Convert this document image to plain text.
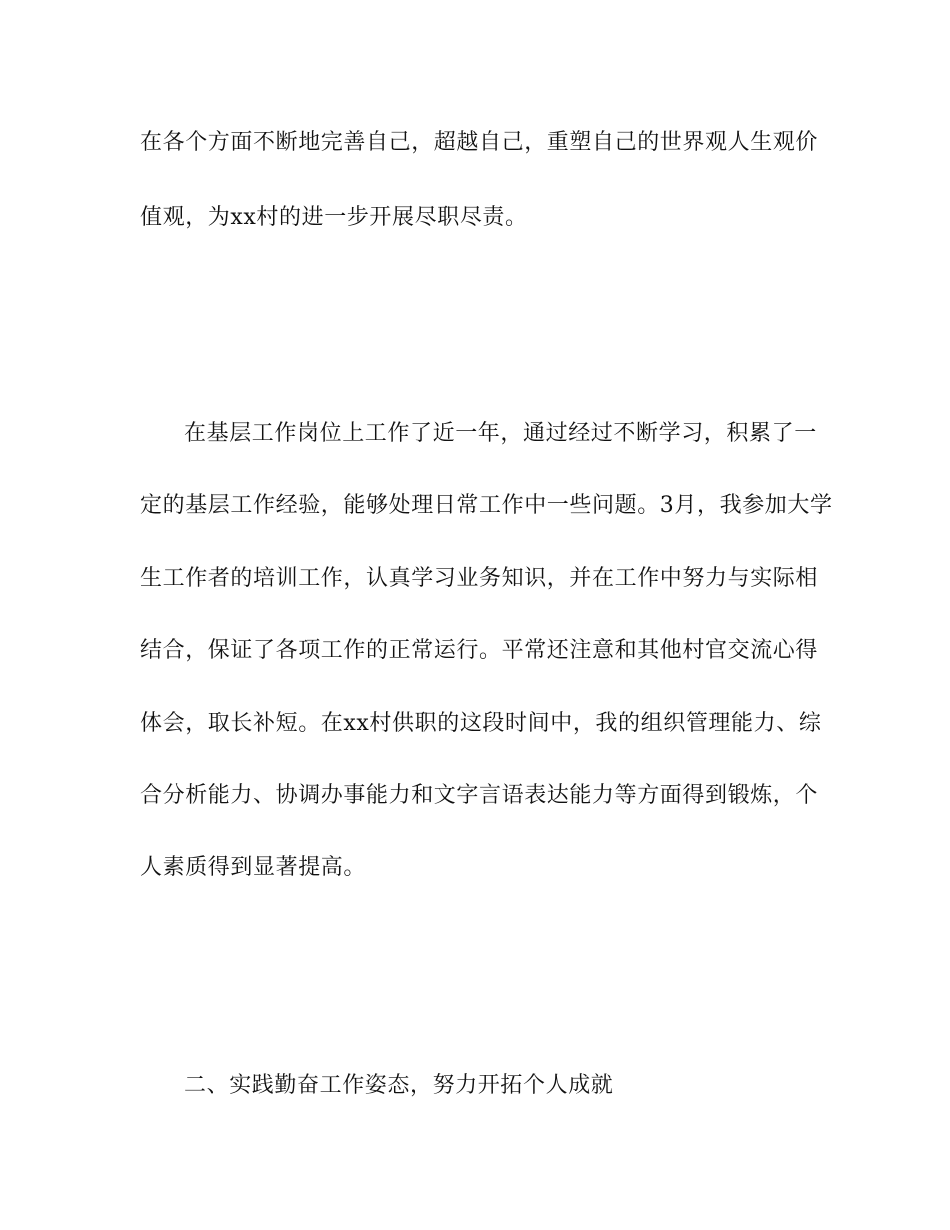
在各个方面不断地完善自己，超越自己，重塑自己的世界观人生观价
值观，为xx村的进一步开展尽职尽责。
在基层工作岗位上工作了近一年，通过经过不断学习，积累了一
定的基层工作经验，能够处理日常工作中一些问题。3月，我参加大学
生工作者的培训工作，认真学习业务知识，并在工作中努力与实际相
结合，保证了各项工作的正常运行。平常还注意和其他村官交流心得
体会，取长补短。在xx村供职的这段时间中，我的组织管理能力、综
合分析能力、协调办事能力和文字言语表达能力等方面得到锻炼，个
人素质得到显著提高。
二、实践勤奋工作姿态，努力开拓个人成就
